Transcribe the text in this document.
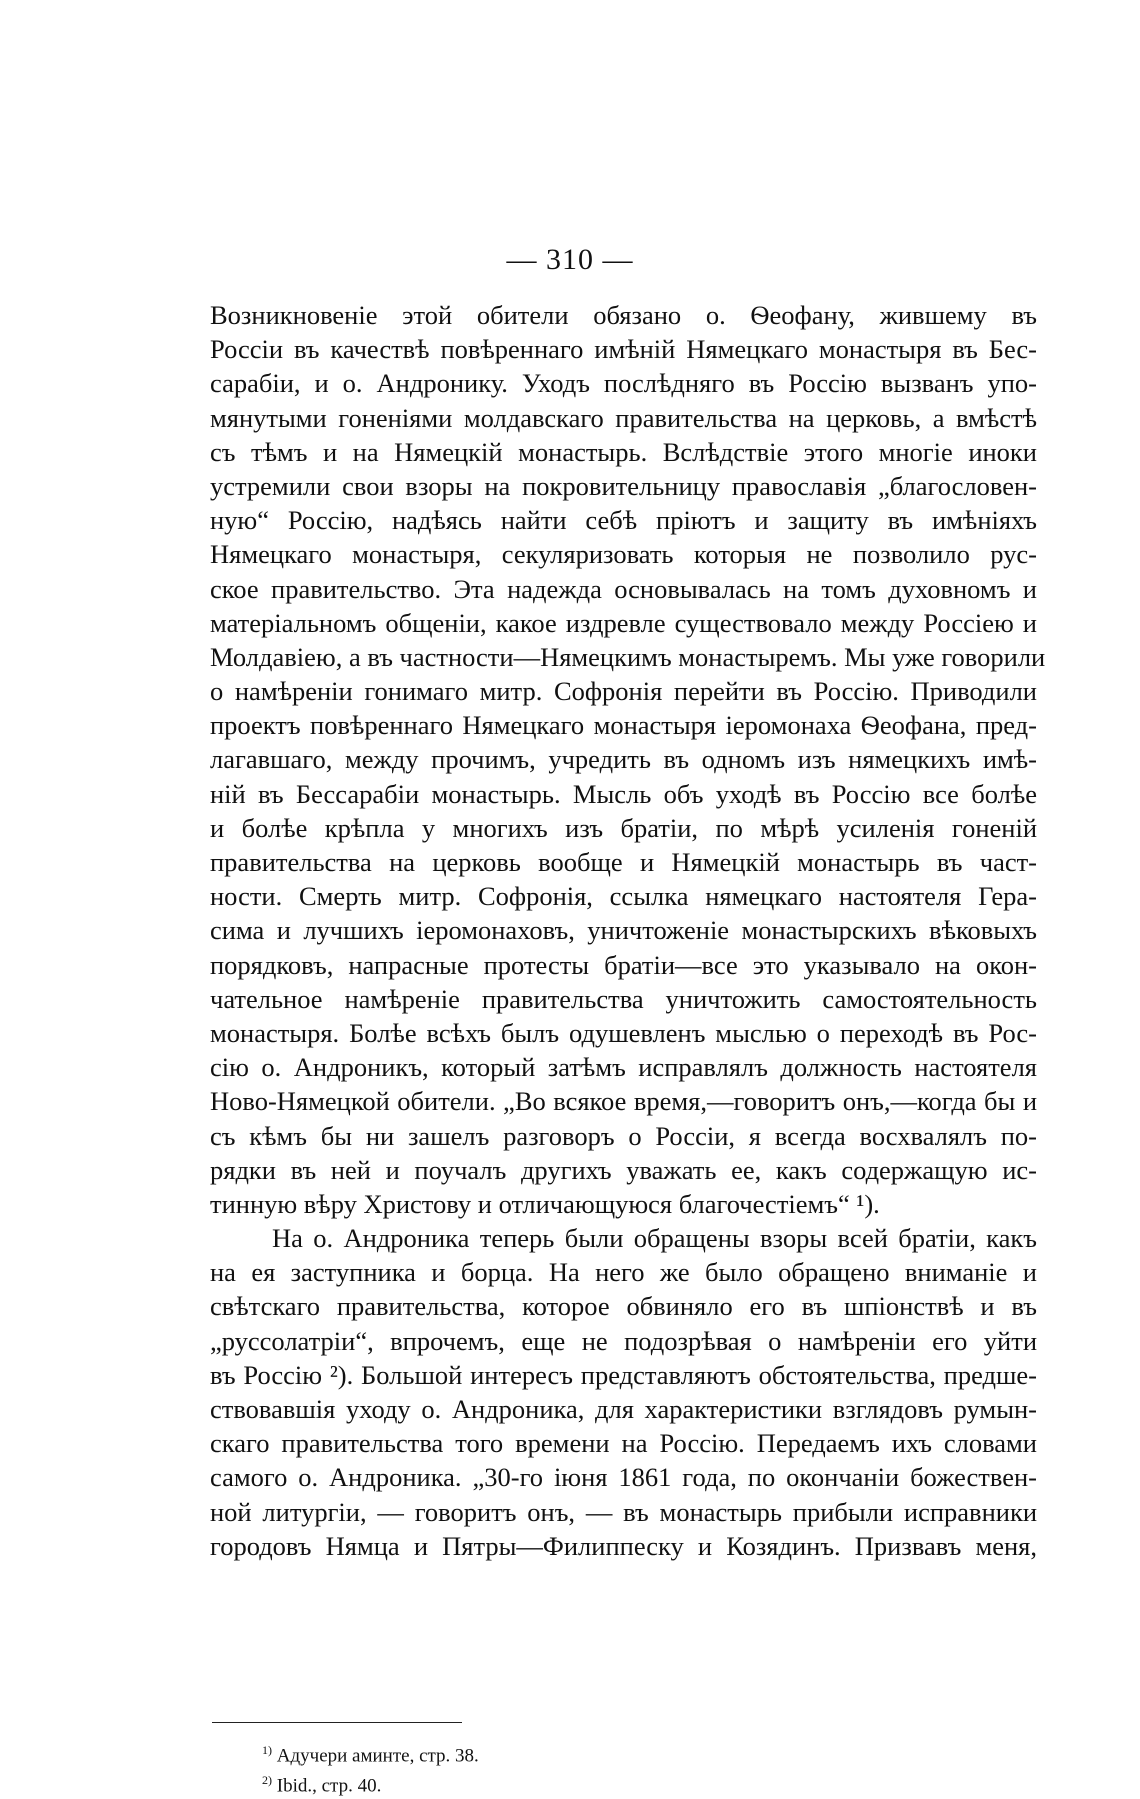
— 310 —
Возникновеніе этой обители обязано о. Ѳеофану, жившему въ
Россіи въ качествѣ повѣреннаго имѣній Нямецкаго монастыря въ Бес-
сарабіи, и о. Андронику. Уходъ послѣдняго въ Россію вызванъ упо-
мянутыми гоненіями молдавскаго правительства на церковь, а вмѣстѣ
съ тѣмъ и на Нямецкій монастырь. Вслѣдствіе этого многіе иноки
устремили свои взоры на покровительницу православія „благословен-
ную“ Россію, надѣясь найти себѣ пріютъ и защиту въ имѣніяхъ
Нямецкаго монастыря, секуляризовать которыя не позволило рус-
ское правительство. Эта надежда основывалась на томъ духовномъ и
матеріальномъ общеніи, какое издревле существовало между Россіею и
Молдавіею, а въ частности—Нямецкимъ монастыремъ. Мы уже говорили
о намѣреніи гонимаго митр. Софронія перейти въ Россію. Приводили
проектъ повѣреннаго Нямецкаго монастыря іеромонаха Ѳеофана, пред-
лагавшаго, между прочимъ, учредить въ одномъ изъ нямецкихъ имѣ-
ній въ Бессарабіи монастырь. Мысль объ уходѣ въ Россію все болѣе
и болѣе крѣпла у многихъ изъ братіи, по мѣрѣ усиленія гоненій
правительства на церковь вообще и Нямецкій монастырь въ част-
ности. Смерть митр. Софронія, ссылка нямецкаго настоятеля Гера-
сима и лучшихъ іеромонаховъ, уничтоженіе монастырскихъ вѣковыхъ
порядковъ, напрасные протесты братіи—все это указывало на окон-
чательное намѣреніе правительства уничтожить самостоятельность
монастыря. Болѣе всѣхъ былъ одушевленъ мыслью о переходѣ въ Рос-
сію о. Андроникъ, который затѣмъ исправлялъ должность настоятеля
Ново-Нямецкой обители. „Во всякое время,—говоритъ онъ,—когда бы и
съ кѣмъ бы ни зашелъ разговоръ о Россіи, я всегда восхвалялъ по-
рядки въ ней и поучалъ другихъ уважать ее, какъ содержащую ис-
тинную вѣру Христову и отличающуюся благочестіемъ“ ¹).
На о. Андроника теперь были обращены взоры всей братіи, какъ
на ея заступника и борца. На него же было обращено вниманіе и
свѣтскаго правительства, которое обвиняло его въ шпіонствѣ и въ
„руссолатріи“, впрочемъ, еще не подозрѣвая о намѣреніи его уйти
въ Россію ²). Большой интересъ представляютъ обстоятельства, предше-
ствовавшія уходу о. Андроника, для характеристики взглядовъ румын-
скаго правительства того времени на Россію. Передаемъ ихъ словами
самого о. Андроника. „30-го іюня 1861 года, по окончаніи божествен-
ной литургіи, — говоритъ онъ, — въ монастырь прибыли исправники
городовъ Нямца и Пятры—Филиппеску и Козядинъ. Призвавъ меня,
$^{1)}$ Адучери аминте, стр. 38.
$^{2)}$ Ibid., стр. 40.
